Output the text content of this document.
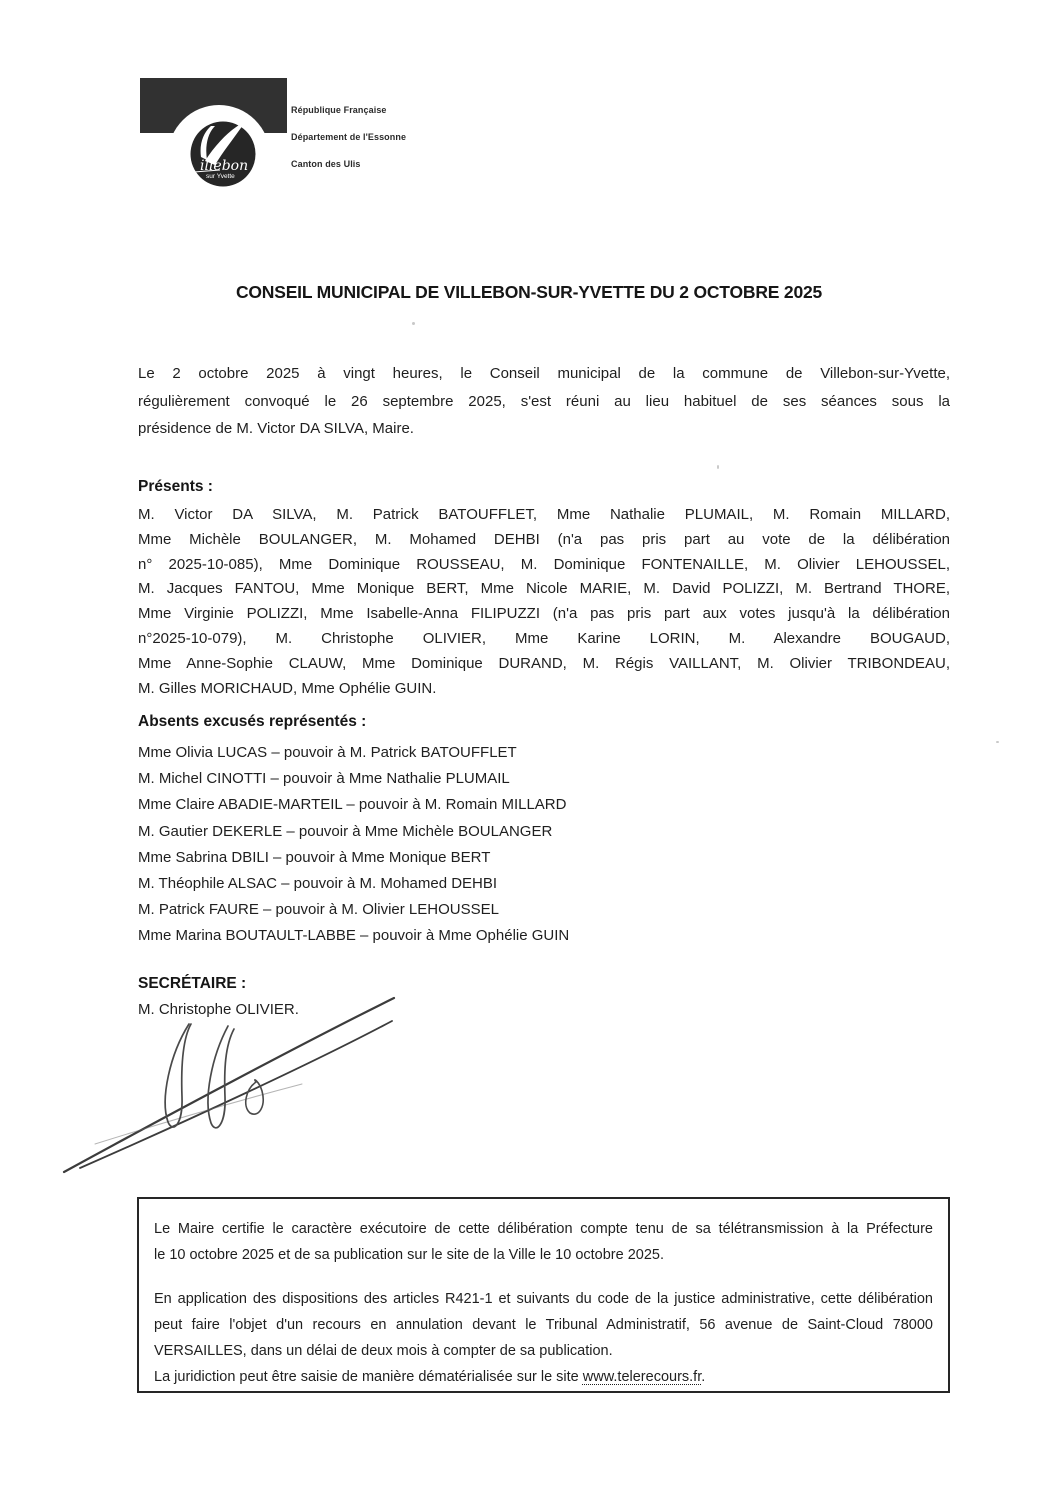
illebon
sur Yvette
République Française
Département de l'Essonne
Canton des Ulis
CONSEIL MUNICIPAL DE VILLEBON-SUR-YVETTE DU 2 OCTOBRE 2025
Le 2 octobre 2025 à vingt heures, le Conseil municipal de la commune de Villebon-sur-Yvette,
régulièrement convoqué le 26 septembre 2025, s'est réuni au lieu habituel de ses séances sous la
présidence de M. Victor DA SILVA, Maire.
Présents :
M. Victor DA SILVA, M. Patrick BATOUFFLET, Mme Nathalie PLUMAIL, M. Romain MILLARD,
Mme Michèle BOULANGER, M. Mohamed DEHBI (n'a pas pris part au vote de la délibération
n° 2025-10-085), Mme Dominique ROUSSEAU, M. Dominique FONTENAILLE, M. Olivier LEHOUSSEL,
M. Jacques FANTOU, Mme Monique BERT, Mme Nicole MARIE, M. David POLIZZI, M. Bertrand THORE,
Mme Virginie POLIZZI, Mme Isabelle-Anna FILIPUZZI (n'a pas pris part aux votes jusqu'à la délibération
n°2025-10-079), M. Christophe OLIVIER, Mme Karine LORIN, M. Alexandre BOUGAUD,
Mme Anne-Sophie CLAUW, Mme Dominique DURAND, M. Régis VAILLANT, M. Olivier TRIBONDEAU,
M. Gilles MORICHAUD, Mme Ophélie GUIN.
Absents excusés représentés :
Mme Olivia LUCAS – pouvoir à M. Patrick BATOUFFLET
M. Michel CINOTTI – pouvoir à Mme Nathalie PLUMAIL
Mme Claire ABADIE-MARTEIL – pouvoir à M. Romain MILLARD
M. Gautier DEKERLE – pouvoir à Mme Michèle BOULANGER
Mme Sabrina DBILI – pouvoir à Mme Monique BERT
M. Théophile ALSAC – pouvoir à M. Mohamed DEHBI
M. Patrick FAURE – pouvoir à M. Olivier LEHOUSSEL
Mme Marina BOUTAULT-LABBE – pouvoir à Mme Ophélie GUIN
SECRÉTAIRE :
M. Christophe OLIVIER.
Le Maire certifie le caractère exécutoire de cette délibération compte tenu de sa télétransmission à la Préfecture
le 10 octobre 2025 et de sa publication sur le site de la Ville le 10 octobre 2025.
En application des dispositions des articles R421-1 et suivants du code de la justice administrative, cette délibération
peut faire l'objet d'un recours en annulation devant le Tribunal Administratif, 56 avenue de Saint-Cloud 78000
VERSAILLES, dans un délai de deux mois à compter de sa publication.
La juridiction peut être saisie de manière dématérialisée sur le site www.telerecours.fr.
